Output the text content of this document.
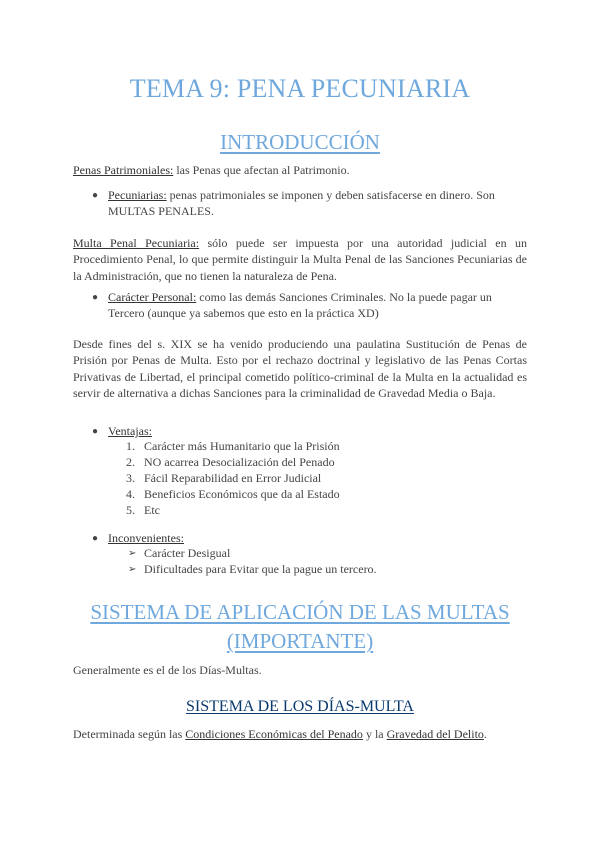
TEMA 9: PENA PECUNIARIA
INTRODUCCIÓN
Penas Patrimoniales: las Penas que afectan al Patrimonio.
● Pecuniarias: penas patrimoniales se imponen y deben satisfacerse en dinero. Son MULTAS PENALES.
Multa Penal Pecuniaria: sólo puede ser impuesta por una autoridad judicial en un Procedimiento Penal, lo que permite distinguir la Multa Penal de las Sanciones Pecuniarias de la Administración, que no tienen la naturaleza de Pena.
● Carácter Personal: como las demás Sanciones Criminales. No la puede pagar un Tercero (aunque ya sabemos que esto en la práctica XD)
Desde fines del s. XIX se ha venido produciendo una paulatina Sustitución de Penas de Prisión por Penas de Multa. Esto por el rechazo doctrinal y legislativo de las Penas Cortas Privativas de Libertad, el principal cometido político-criminal de la Multa en la actualidad es servir de alternativa a dichas Sanciones para la criminalidad de Gravedad Media o Baja.
● Ventajas:
1. Carácter más Humanitario que la Prisión
2. NO acarrea Desocialización del Penado
3. Fácil Reparabilidad en Error Judicial
4. Beneficios Económicos que da al Estado
5. Etc
● Inconvenientes:
➢ Carácter Desigual
➢ Dificultades para Evitar que la pague un tercero.
SISTEMA DE APLICACIÓN DE LAS MULTAS
(IMPORTANTE)
Generalmente es el de los Días-Multas.
SISTEMA DE LOS DÍAS-MULTA
Determinada según las Condiciones Económicas del Penado y la Gravedad del Delito.
